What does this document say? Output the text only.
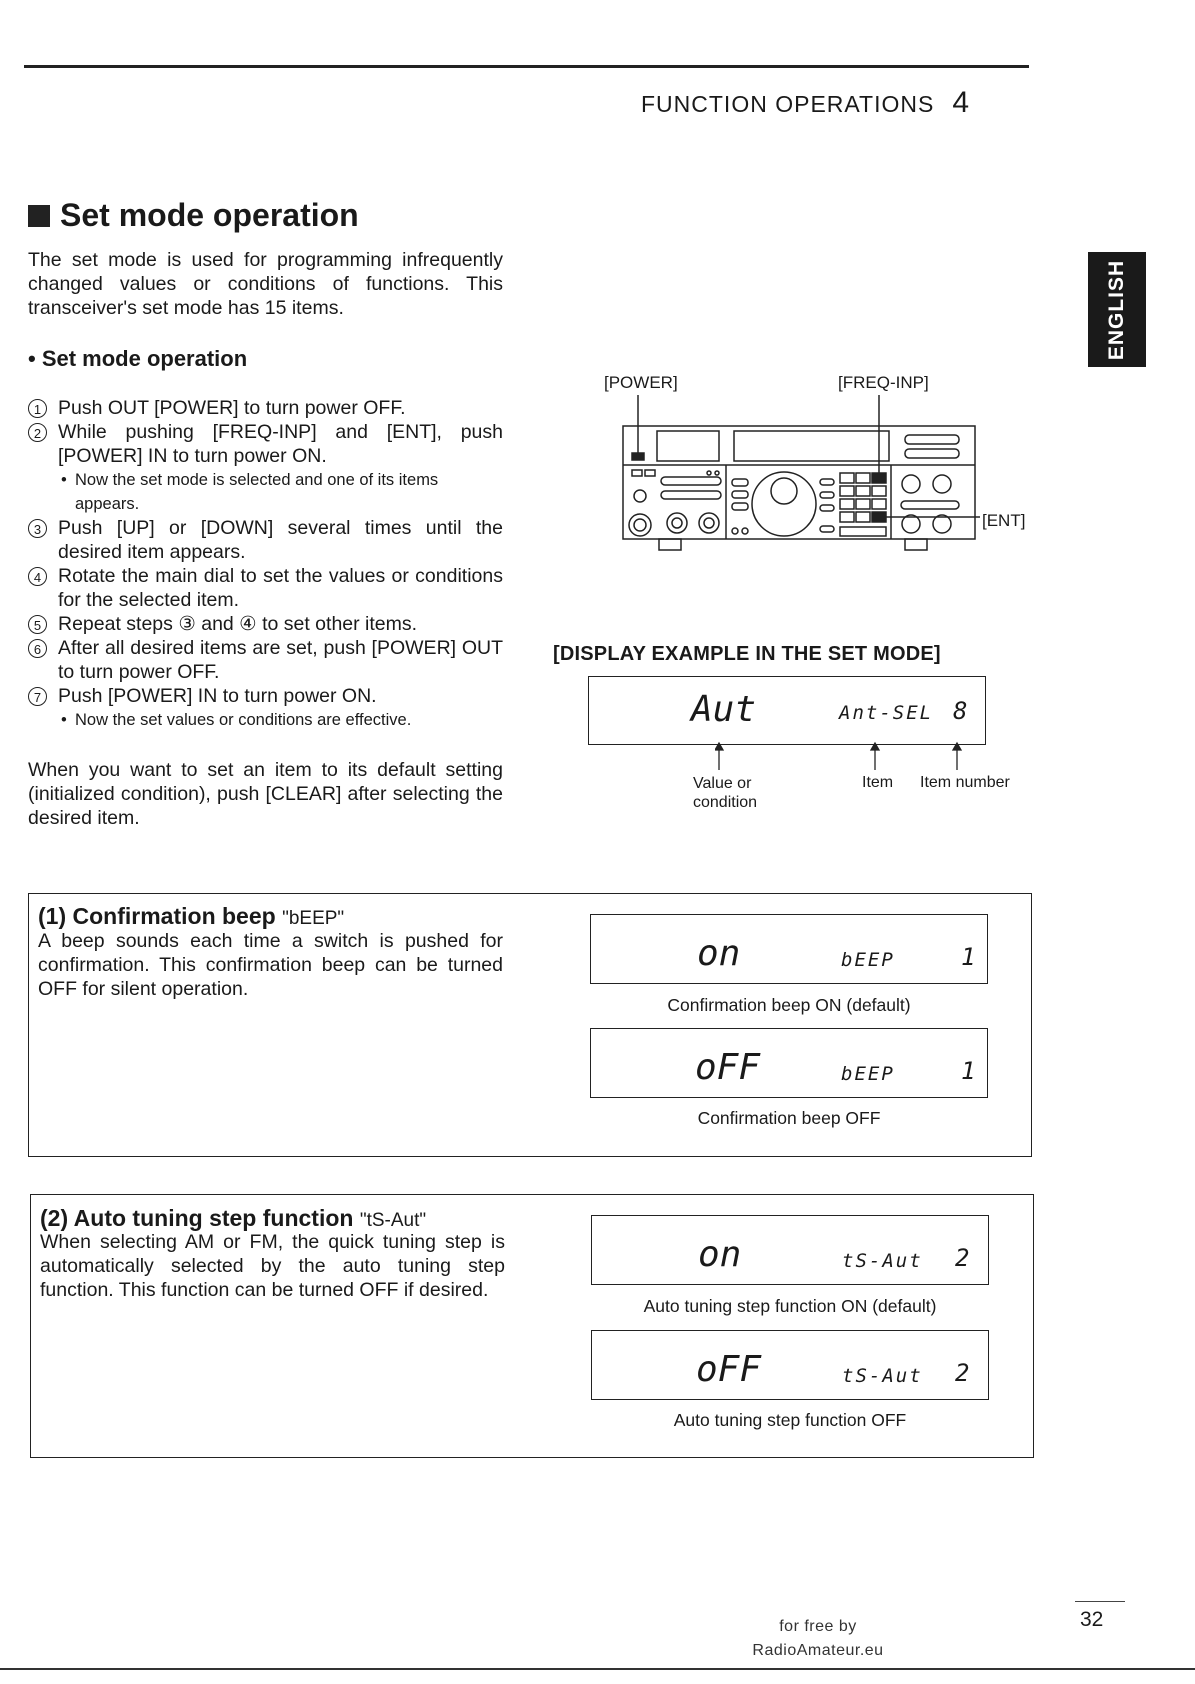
FUNCTION OPERATIONS 4
ENGLISH
Set mode operation
The set mode is used for programming infrequently changed values or conditions of functions. This transceiver's set mode has 15 items.
• Set mode operation
1 Push OUT [POWER] to turn power OFF.
2 While pushing [FREQ-INP] and [ENT], push [POWER] IN to turn power ON.
• Now the set mode is selected and one of its items appears.
3 Push [UP] or [DOWN] several times until the desired item appears.
4 Rotate the main dial to set the values or conditions for the selected item.
5 Repeat steps ③ and ④ to set other items.
6 After all desired items are set, push [POWER] OUT to turn power OFF.
7 Push [POWER] IN to turn power ON.
• Now the set values or conditions are effective.
When you want to set an item to its default setting (initialized condition), push [CLEAR] after selecting the desired item.
[POWER]	[FREQ-INP]
[ENT]
[DISPLAY EXAMPLE IN THE SET MODE]
Aut	Ant-SEL 8
Value or condition
Item Item number
(1) Confirmation beep "bEEP"
A beep sounds each time a switch is pushed for confirmation. This confirmation beep can be turned OFF for silent operation.
on	bEEP	1
Confirmation beep ON (default)
oFF	bEEP	1
Confirmation beep OFF
(2) Auto tuning step function "tS-Aut"
When selecting AM or FM, the quick tuning step is automatically selected by the auto tuning step function. This function can be turned OFF if desired.
on	tS-Aut 2
Auto tuning step function ON (default)
oFF	tS-Aut 2
Auto tuning step function OFF
32
for free by
RadioAmateur.eu
